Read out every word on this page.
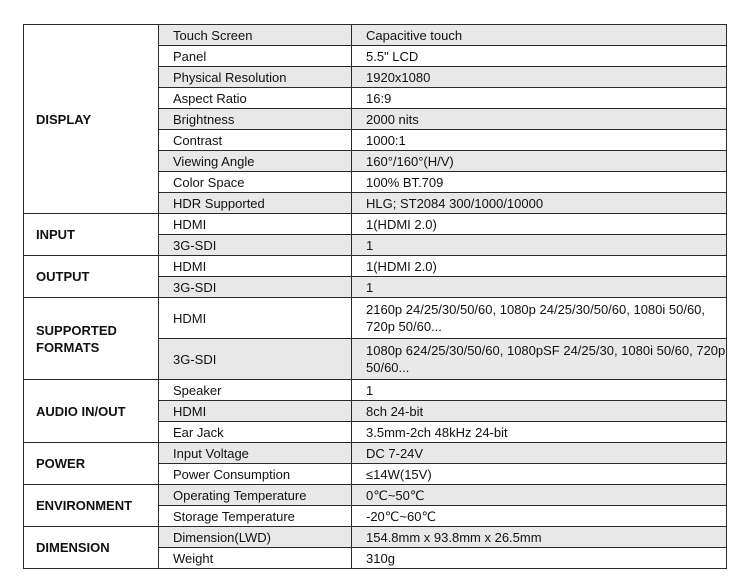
DISPLAY	Touch Screen	Capacitive touch
	Panel	5.5" LCD
	Physical Resolution	1920x1080
	Aspect Ratio	16:9
	Brightness	2000 nits
	Contrast	1000:1
	Viewing Angle	160°/160°(H/V)
	Color Space	100% BT.709
	HDR Supported	HLG; ST2084 300/1000/10000
INPUT	HDMI	1(HDMI 2.0)
	3G-SDI	1
OUTPUT	HDMI	1(HDMI 2.0)
	3G-SDI	1
SUPPORTED FORMATS	HDMI	2160p 24/25/30/50/60, 1080p 24/25/30/50/60, 1080i 50/60, 720p 50/60...
	3G-SDI	1080p 624/25/30/50/60, 1080pSF 24/25/30, 1080i 50/60, 720p 50/60...
AUDIO IN/OUT	Speaker	1
	HDMI	8ch 24-bit
	Ear Jack	3.5mm-2ch 48kHz 24-bit
POWER	Input Voltage	DC 7-24V
	Power Consumption	≤14W(15V)
ENVIRONMENT	Operating Temperature	0℃~50℃
	Storage Temperature	-20℃~60℃
DIMENSION	Dimension(LWD)	154.8mm x 93.8mm x 26.5mm
	Weight	310g
